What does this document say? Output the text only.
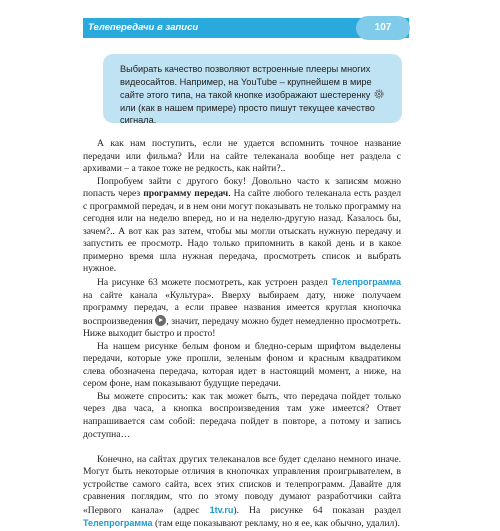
Телепередачи в записи	107
Выбирать качество позволяют встроенные плееры многих видеосайтов. Например, на YouTube – крупнейшем в мире сайте этого типа, на такой кнопке изображают шестеренку  или (как в нашем примере) просто пишут текущее качество сигнала.

А как нам поступить, если не удается вспомнить точное название передачи или фильма? Или на сайте телеканала вообще нет раздела с архивами – а такое тоже не редкость, как найти?..

Попробуем зайти с другого боку! Довольно часто к записям можно попасть через программу передач. На сайте любого телеканала есть раздел с программой передач, и в нем они могут показывать не только программу на сегодня или на неделю вперед, но и на неделю-другую назад. Казалось бы, зачем?.. А вот как раз затем, чтобы мы могли отыскать нужную передачу и запустить ее просмотр. Надо только припомнить в какой день и в какое примерно время шла нужная передача, просмотреть список и выбрать нужное.

На рисунке 63 можете посмотреть, как устроен раздел Телепрограмма на сайте канала «Культура». Вверху выбираем дату, ниже получаем программу передач, а если правее названия имеется круглая кнопочка воспроизведения , значит, передачу можно будет немедленно просмотреть. Ниже выходит быстро и просто!

На нашем рисунке белым фоном и бледно-серым шрифтом выделены передачи, которые уже прошли, зеленым фоном и красным квадратиком слева обозначена передача, которая идет в настоящий момент, а ниже, на сером фоне, нам показывают будущие передачи.

Вы можете спросить: как так может быть, что передача пойдет только через два часа, а кнопка воспроизведения там уже имеется? Ответ напрашивается сам собой: передача пойдет в повторе, а потому и запись доступна…

Конечно, на сайтах других телеканалов все будет сделано немного иначе. Могут быть некоторые отличия в кнопочках управления проигрывателем, в устройстве самого сайта, всех этих списков и телепрограмм. Давайте для сравнения поглядим, что по этому поводу думают разработчики сайта «Первого канала» (адрес 1tv.ru). На рисунке 64 показан раздел Телепрограмма (там еще показывают рекламу, но я ее, как обычно, удалил).
